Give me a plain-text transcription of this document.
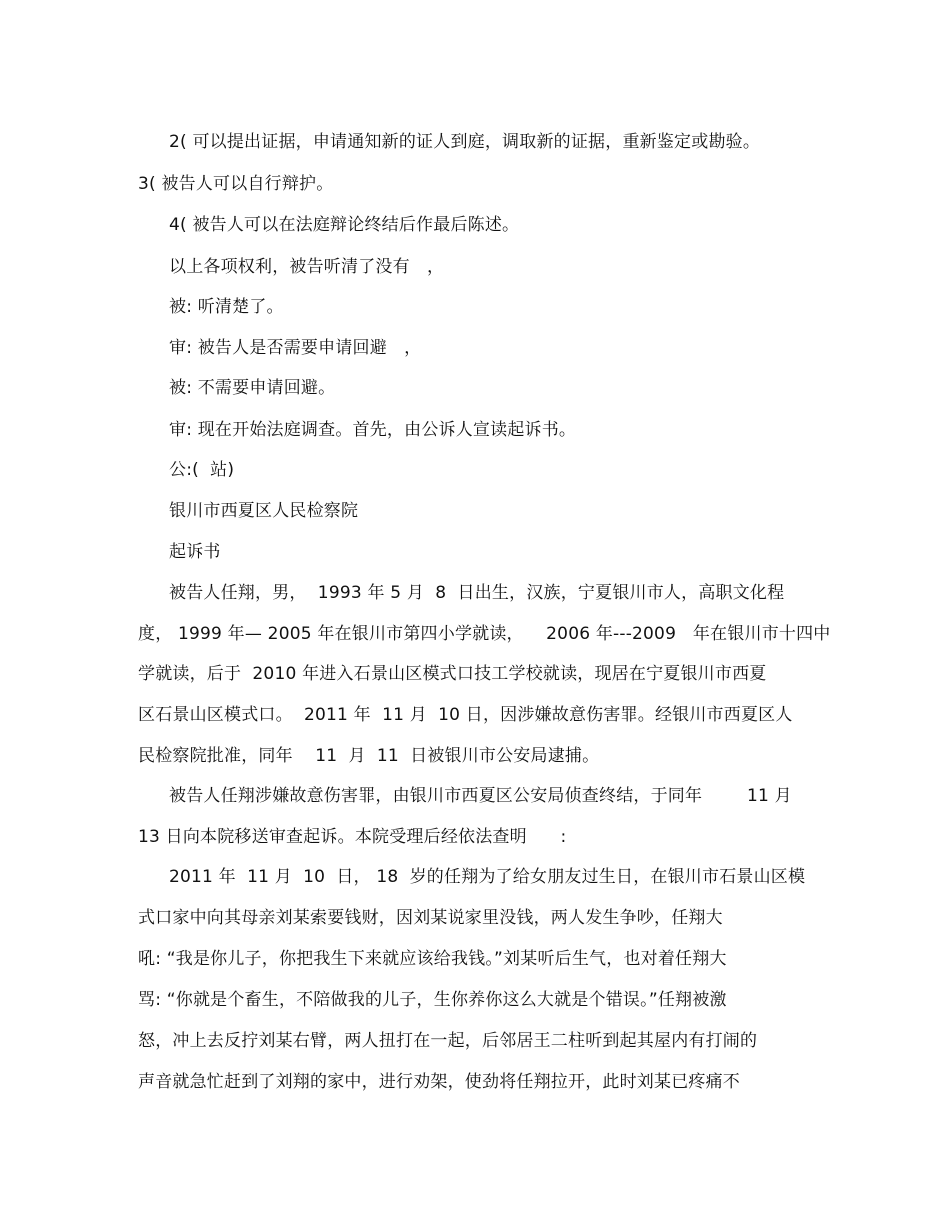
2( 可以提出证据，申请通知新的证人到庭，调取新的证据，重新鉴定或勘验。
3( 被告人可以自行辩护。
4( 被告人可以在法庭辩论终结后作最后陈述。
以上各项权利，被告听清了没有　，
被: 听清楚了。
审: 被告人是否需要申请回避　，
被: 不需要申请回避。
审: 现在开始法庭调查。首先，由公诉人宣读起诉书。
公:(  站)
银川市西夏区人民检察院
起诉书
被告人任翔，男，  1993 年 5 月  8  日出生，汉族，宁夏银川市人，高职文化程
度， 1999 年— 2005 年在银川市第四小学就读，    2006 年---2009   年在银川市十四中
学就读，后于  2010 年进入石景山区模式口技工学校就读，现居在宁夏银川市西夏
区石景山区模式口。  2011 年  11 月  10 日，因涉嫌故意伤害罪。经银川市西夏区人
民检察院批准，同年    11  月  11  日被银川市公安局逮捕。
被告人任翔涉嫌故意伤害罪，由银川市西夏区公安局侦查终结，于同年        11 月
13 日向本院移送审查起诉。本院受理后经依法查明      :
2011 年  11 月  10  日， 18  岁的任翔为了给女朋友过生日，在银川市石景山区模
式口家中向其母亲刘某索要钱财，因刘某说家里没钱，两人发生争吵，任翔大
吼: “我是你儿子，你把我生下来就应该给我钱。”刘某听后生气，也对着任翔大
骂: “你就是个畜生，不陪做我的儿子，生你养你这么大就是个错误。”任翔被激
怒，冲上去反拧刘某右臂，两人扭打在一起，后邻居王二柱听到起其屋内有打闹的
声音就急忙赶到了刘翔的家中，进行劝架，使劲将任翔拉开，此时刘某已疼痛不
